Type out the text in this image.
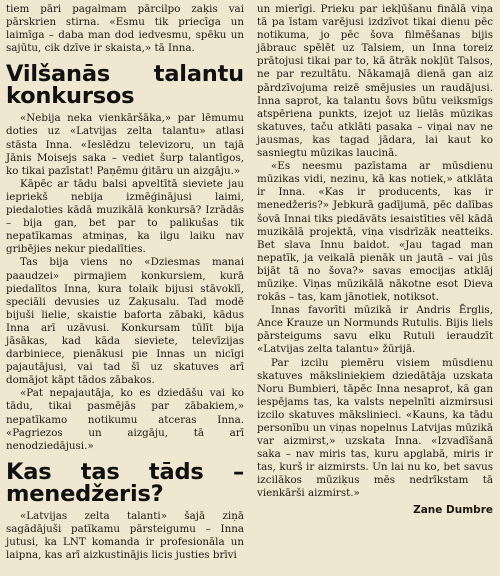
tiem pāri pagalmam pārcilpo zaķis vai pārskrien stirna. «Esmu tik priecīga un laimīga – daba man dod iedvesmu, spēku un sajūtu, cik dzīve ir skaista,» tā Inna.

Vilšanās talantu konkursos

«Nebija neka vienkāršāka,» par lēmumu doties uz «Latvijas zelta talantu» atlasi stāsta Inna. «Ieslēdzu televizoru, un tajā Jānis Moisejs saka – vediet šurp talantīgos, ko tikai pazīstat! Paņēmu ģitāru un aizgāju.»

Kāpēc ar tādu balsi apveltītā sieviete jau iepriekš nebija izmēģinājusi laimi, piedaloties kādā muzikālā konkursā? Izrādās – bija gan, bet par to palikušas tik nepatīkamas atmiņas, ka ilgu laiku nav gribējies nekur piedalīties.

Tas bija viens no «Dziesmas manai paaudzei» pirmajiem konkursiem, kurā piedalītos Inna, kura tolaik bijusi stāvoklī, speciāli devusies uz Zaķusalu. Tad modē bijuši lielie, skaistie baforta zābaki, kādus Inna arī uzāvusi. Konkursam tūlīt bija jāsākas, kad kāda sieviete, televīzijas darbiniece, pienākusi pie Innas un nicīgi pajautājusi, vai tad šī uz skatuves arī domājot kāpt tādos zābakos.

«Pat nepajautāja, ko es dziedāšu vai ko tādu, tikai pasmējās par zābakiem,» nepatīkamo notikumu atceras Inna. «Pagriezos un aizgāju, tā arī nenodziedājusi.»

Kas tas tāds – menedžeris?

«Latvijas zelta talanti» šajā ziņā sagādājuši patīkamu pārsteigumu – Inna jutusi, ka LNT komanda ir profesionāla un laipna, kas arī aizkustinājis licis justies brīvi

un mierīgi. Prieku par iekļūšanu finālā viņa tā pa īstam varējusi izdzīvot tikai dienu pēc notikuma, jo pēc šova filmēšanas bijis jābrauc spēlēt uz Talsiem, un Inna toreiz prātojusi tikai par to, kā ātrāk nokļūt Talsos, ne par rezultātu. Nākamajā dienā gan aiz pārdzīvojuma reizē smējusies un raudājusi. Inna saprot, ka talantu šovs būtu veiksmīgs atspēriena punkts, izejot uz lielās mūzikas skatuves, taču atklāti pasaka – viņai nav ne jausmas, kas tagad jādara, lai kaut ko sasniegtu mūzikas laucinā.

«Es neesmu pazīstama ar mūsdienu mūzikas vidi, nezinu, kā kas notiek,» atklāta ir Inna. «Kas ir producents, kas ir menedžeris?» Jebkurā gadījumā, pēc dalības šovā Innai tiks piedāvāts iesaistīties vēl kādā muzikālā projektā, viņa visdrīzāk neatteiks. Bet slava Innu baidot. «Jau tagad man nepatīk, ja veikalā pienāk un jautā – vai jūs bijāt tā no šova?» savas emocijas atklāj mūziķe. Viņas mūzikālā nākotne esot Dieva rokās – tas, kam jānotiek, notiksot.

Innas favorīti mūzikā ir Andris Ērglis, Ance Krauze un Normunds Rutulis. Bijis liels pārsteigums savu elku Rutuli ieraudzīt «Latvijas zelta talantu» žūrijā.

Par izcilu piemēru visiem mūsdienu skatuves mākslinieķiem dziedātāja uzskata Noru Bumbieri, tāpēc Inna nesaprot, kā gan iespējams tas, ka valsts nepelnīti aizmirsusi izcilo skatuves mākslinieci. «Kauns, ka tādu personību un viņas nopelnus Latvijas mūzikā var aizmirst,» uzskata Inna. «Izvadīšanā saka – nav miris tas, kuru apglabā, miris ir tas, kurš ir aizmirsts. Un lai nu ko, bet savus izcilākos mūziķus mēs nedrīkstam tā vienkārši aizmirst.»

Zane Dumbre
